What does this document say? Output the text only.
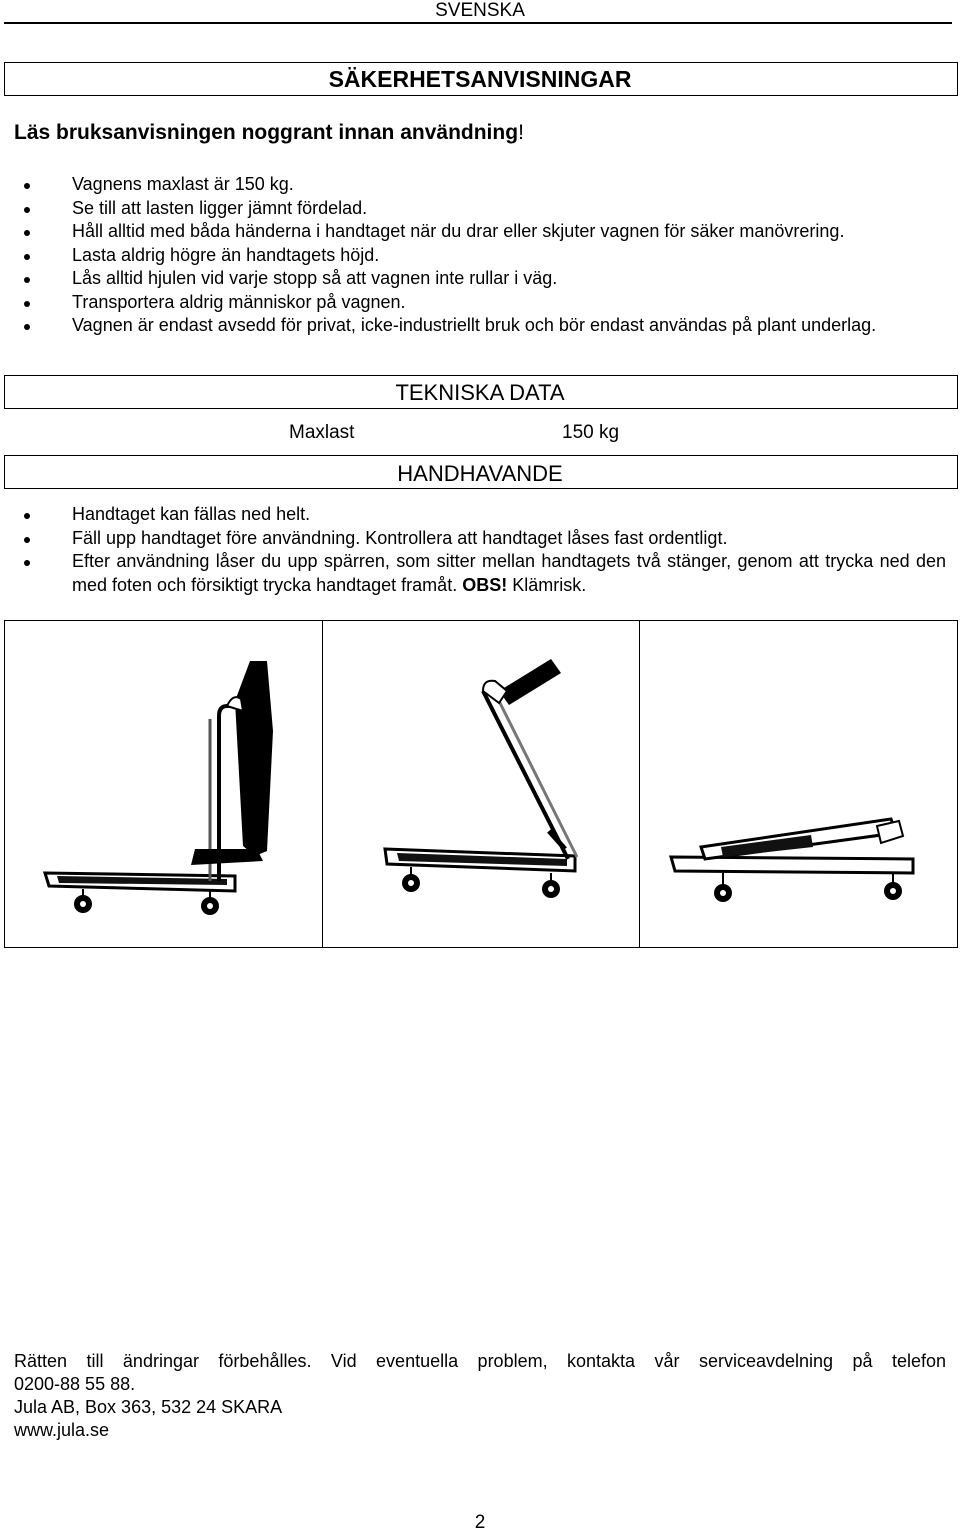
SVENSKA
SÄKERHETSANVISNINGAR
Läs bruksanvisningen noggrant innan användning!
Vagnens maxlast är 150 kg.
Se till att lasten ligger jämnt fördelad.
Håll alltid med båda händerna i handtaget när du drar eller skjuter vagnen för säker manövrering.
Lasta aldrig högre än handtagets höjd.
Lås alltid hjulen vid varje stopp så att vagnen inte rullar i väg.
Transportera aldrig människor på vagnen.
Vagnen är endast avsedd för privat, icke-industriellt bruk och bör endast användas på plant underlag.
TEKNISKA DATA
Maxlast	150 kg
HANDHAVANDE
Handtaget kan fällas ned helt.
Fäll upp handtaget före användning. Kontrollera att handtaget låses fast ordentligt.
Efter användning låser du upp spärren, som sitter mellan handtagets två stänger, genom att trycka ned den med foten och försiktigt trycka handtaget framåt. OBS! Klämrisk.
Rätten till ändringar förbehålles. Vid eventuella problem, kontakta vår serviceavdelning på telefon
0200-88 55 88.
Jula AB, Box 363, 532 24 SKARA
www.jula.se
2
